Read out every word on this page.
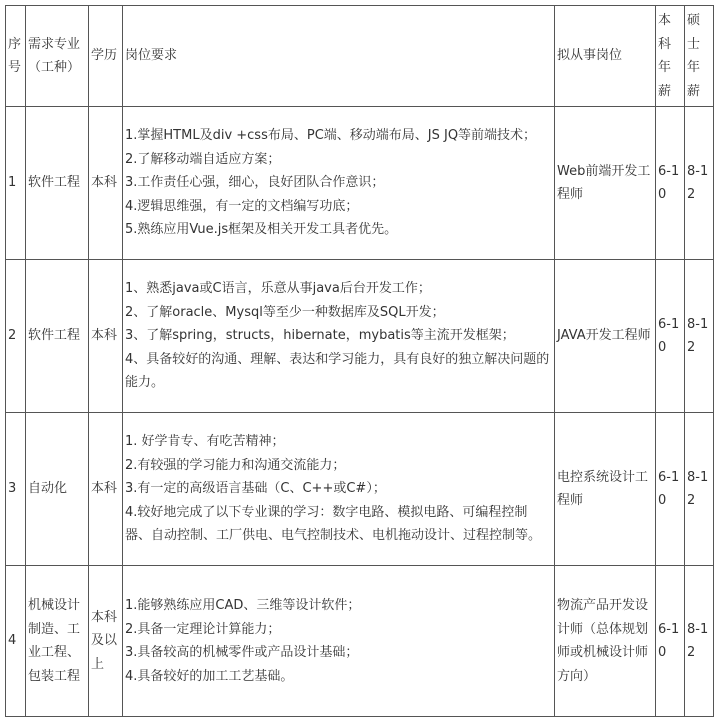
序号	需求专业（工种）	学历	岗位要求	拟从事岗位	本科年薪	硕士年薪
1	软件工程	本科	1.掌握HTML及div +css布局、PC端、移动端布局、JS JQ等前端技术；
2.了解移动端自适应方案；
3.工作责任心强，细心，良好团队合作意识；
4.逻辑思维强，有一定的文档编写功底；
5.熟练应用Vue.js框架及相关开发工具者优先。	Web前端开发工程师	6-10	8-12
2	软件工程	本科	1、熟悉java或C语言，乐意从事java后台开发工作；
2、了解oracle、Mysql等至少一种数据库及SQL开发；
3、了解spring，structs，hibernate，mybatis等主流开发框架；
4、具备较好的沟通、理解、表达和学习能力，具有良好的独立解决问题的能力。	JAVA开发工程师	6-10	8-12
3	自动化	本科	1. 好学肯专、有吃苦精神；
2.有较强的学习能力和沟通交流能力；
3.有一定的高级语言基础（C、C++或C#）；
4.较好地完成了以下专业课的学习：数字电路、模拟电路、可编程控制器、自动控制、工厂供电、电气控制技术、电机拖动设计、过程控制等。	电控系统设计工程师	6-10	8-12
4	机械设计制造、工业工程、包装工程	本科及以上	1.能够熟练应用CAD、三维等设计软件；
2.具备一定理论计算能力；
3.具备较高的机械零件或产品设计基础；
4.具备较好的加工工艺基础。	物流产品开发设计师（总体规划师或机械设计师方向）	6-10	8-12
